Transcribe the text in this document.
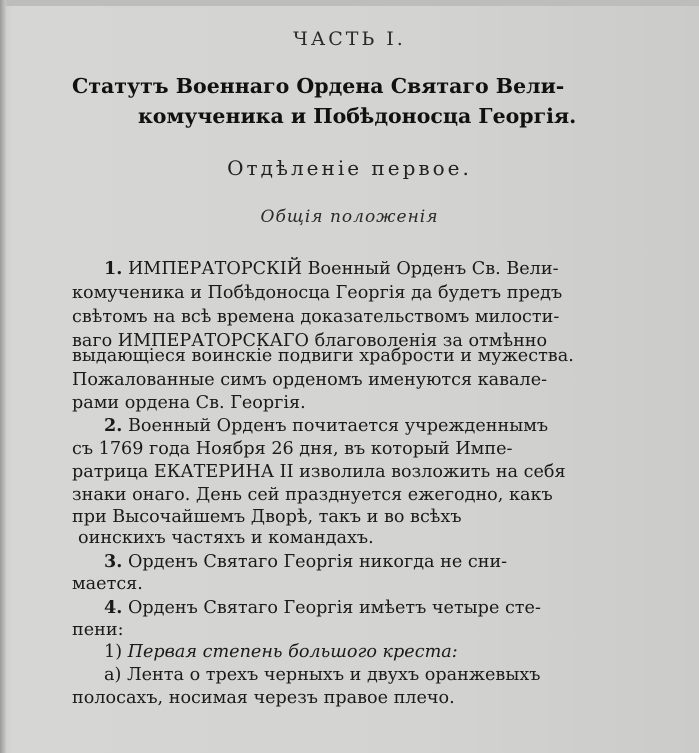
ЧАСТЬ I.
Статутъ Военнаго Ордена Святаго Вели-
комученика и Побѣдоносца Георгія.
Отдѣленіе первое.
Общія положенія
1. ИМПЕРАТОРСКІЙ Военный Орденъ Св. Вели-
комученика и Побѣдоносца Георгія да будетъ предъ
свѣтомъ на всѣ времена доказательствомъ милости-
ваго ИМПЕРАТОРСКАГО благоволенія за отмѣнно
выдающіеся воинскіе подвиги храбрости и мужества.
Пожалованные симъ орденомъ именуются кавале-
рами ордена Св. Георгія.
2. Военный Орденъ почитается учрежденнымъ
съ 1769 года Ноября 26 дня, въ который Импе-
ратрица ЕКАТЕРИНА II изволила возложить на себя
знаки онаго. День сей празднуется ежегодно, какъ
при Высочайшемъ Дворѣ, такъ и во всѣхъ
оинскихъ частяхъ и командахъ.
3. Орденъ Святаго Георгія никогда не сни-
мается.
4. Орденъ Святаго Георгія имѣетъ четыре сте-
пени:
1) Первая степень большого креста:
а) Лента о трехъ черныхъ и двухъ оранжевыхъ
полосахъ, носимая черезъ правое плечо.
